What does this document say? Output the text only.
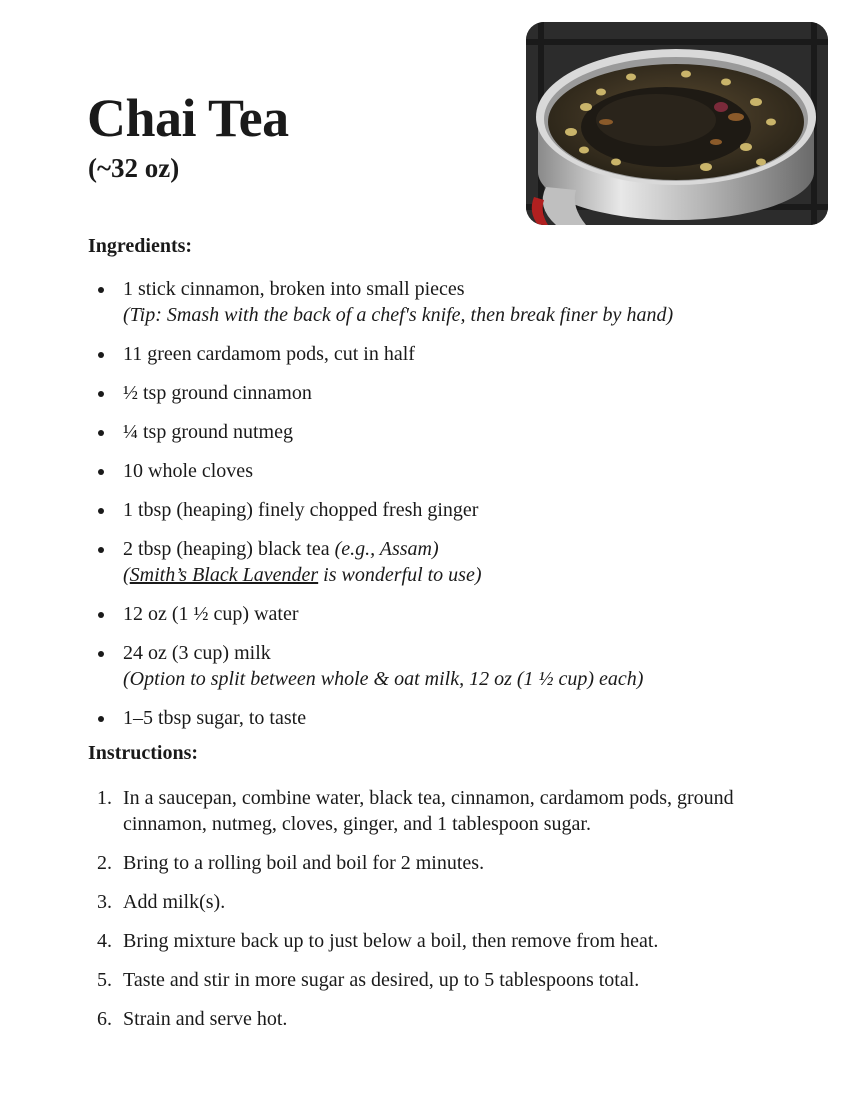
Chai Tea
(~32 oz)
Ingredients:
1 stick cinnamon, broken into small pieces
(Tip: Smash with the back of a chef's knife, then break finer by hand)
11 green cardamom pods, cut in half
½ tsp ground cinnamon
¼ tsp ground nutmeg
10 whole cloves
1 tbsp (heaping) finely chopped fresh ginger
2 tbsp (heaping) black tea (e.g., Assam)
(Smith’s Black Lavender is wonderful to use)
12 oz (1 ½ cup) water
24 oz (3 cup) milk
(Option to split between whole & oat milk, 12 oz (1 ½ cup) each)
1–5 tbsp sugar, to taste
Instructions:
1. In a saucepan, combine water, black tea, cinnamon, cardamom pods, ground cinnamon, nutmeg, cloves, ginger, and 1 tablespoon sugar.
2. Bring to a rolling boil and boil for 2 minutes.
3. Add milk(s).
4. Bring mixture back up to just below a boil, then remove from heat.
5. Taste and stir in more sugar as desired, up to 5 tablespoons total.
6. Strain and serve hot.
